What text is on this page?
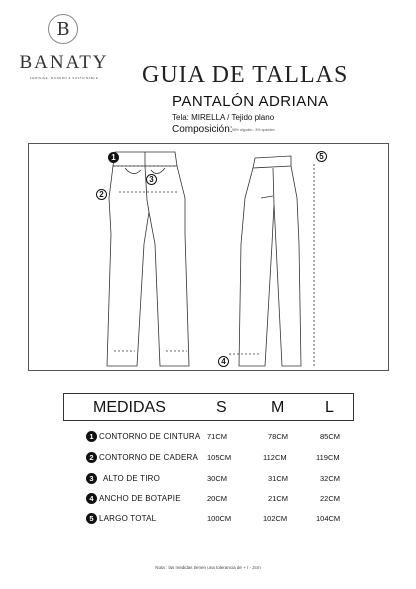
B
BANATY
FEMININE, MODERN & SUSTAINABLE	GUIA DE TALLAS
PANTALÓN ADRIANA
Tela: MIRELLA / Tejido plano
Composición: 95% algodón - 5% spandex
1
2
3
4
5
MEDIDAS	S	M	L
1 CONTORNO DE CINTURA 71CM	78CM	85CM
2 CONTORNO DE CADERA 105CM	112CM	119CM
3	ALTO DE TIRO	30CM	31CM	32CM
4 ANCHO DE BOTAPIE	20CM	21CM	22CM
5 LARGO TOTAL	100CM	102CM	104CM
Nota : las medidas tienen una tolerancia de + / - 2cm
